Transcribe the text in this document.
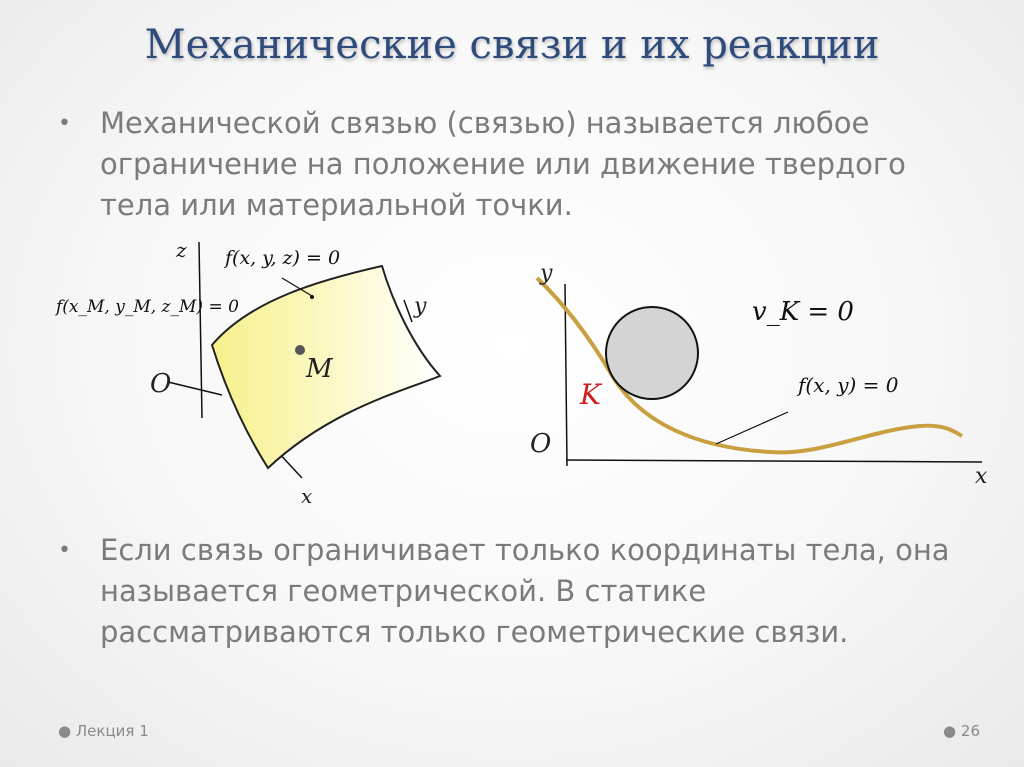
Механические связи и их реакции
•	Механической связью (связью) называется любое ограничение на положение или движение твердого тела или материальной точки.
M
z
y
x
O
f(x, y, z) = 0
f(x_M, y_M, z_M) = 0
y
x
O
K
v_K = 0
f(x, y) = 0
•	Если связь ограничивает только координаты тела, она называется геометрической. В статике рассматриваются только геометрические связи.
● Лекция 1	● 26
